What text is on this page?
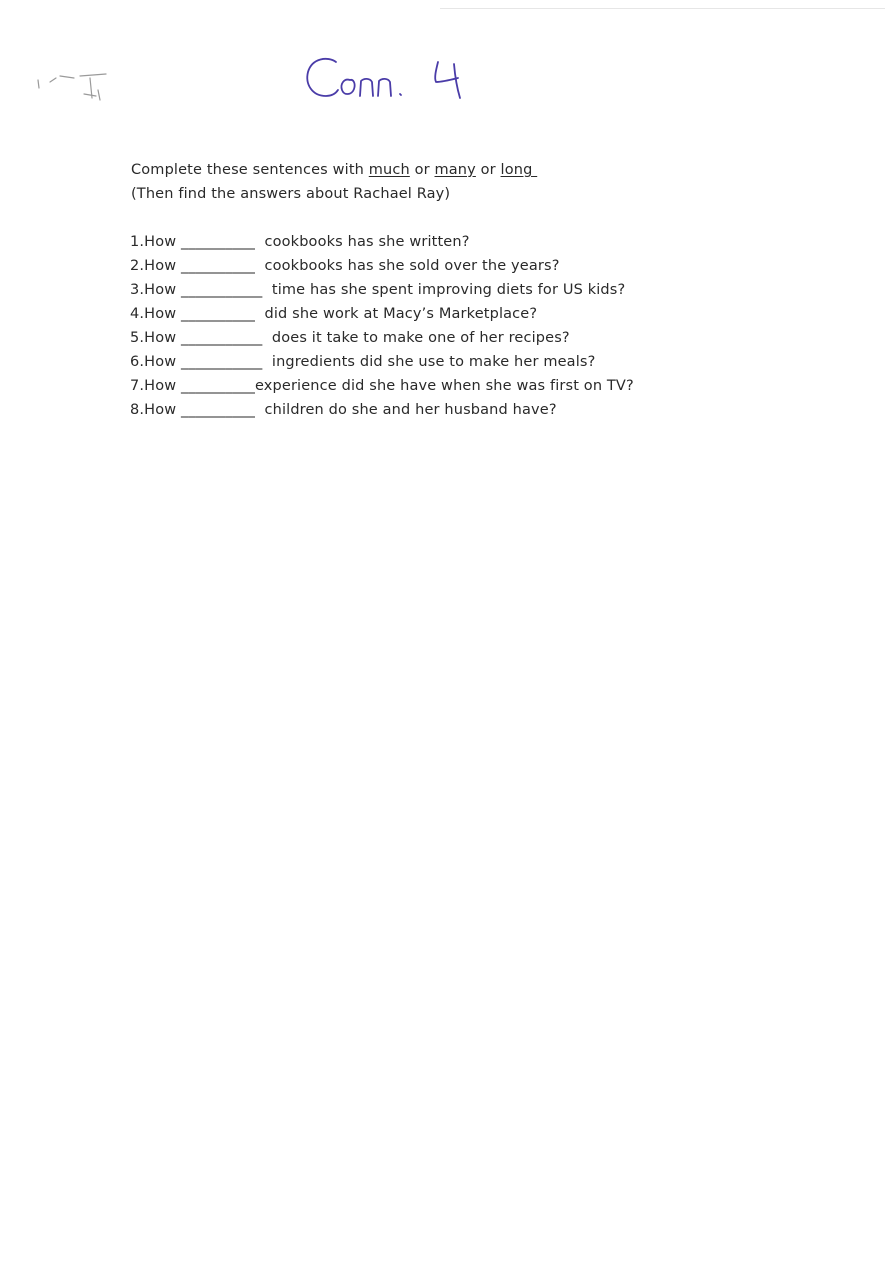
Complete these sentences with much or many or long
(Then find the answers about Rachael Ray)
1.How __________  cookbooks has she written?
2.How __________  cookbooks has she sold over the years?
3.How ___________  time has she spent improving diets for US kids?
4.How __________  did she work at Macy’s Marketplace?
5.How ___________  does it take to make one of her recipes?
6.How ___________  ingredients did she use to make her meals?
7.How __________experience did she have when she was first on TV?
8.How __________  children do she and her husband have?
